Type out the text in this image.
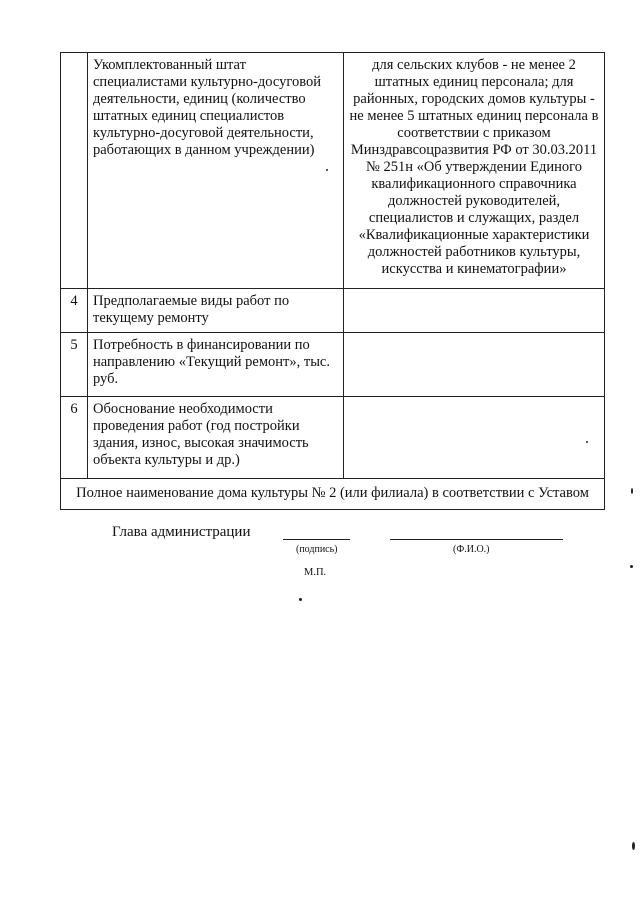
	Укомплектованный штат специалистами культурно-досуговой деятельности, единиц (количество штатных единиц специалистов культурно-досуговой деятельности, работающих в данном учреждении)	для сельских клубов - не менее 2 штатных единиц персонала; для районных, городских домов культуры - не менее 5 штатных единиц персонала в соответствии с приказом Минздравсоцразвития РФ от 30.03.2011 № 251н «Об утверждении Единого квалификационного справочника должностей руководителей, специалистов и служащих, раздел «Квалификационные характеристики должностей работников культуры, искусства и кинематографии»
4	Предполагаемые виды работ по текущему ремонту	
5	Потребность в финансировании по направлению «Текущий ремонт», тыс. руб.	
6	Обоснование необходимости проведения работ (год постройки здания, износ, высокая значимость объекта культуры и др.)	
Полное наименование дома культуры № 2 (или филиала) в соответствии с Уставом		
Глава администрации
(подпись)	(Ф.И.О.)
М.П.
